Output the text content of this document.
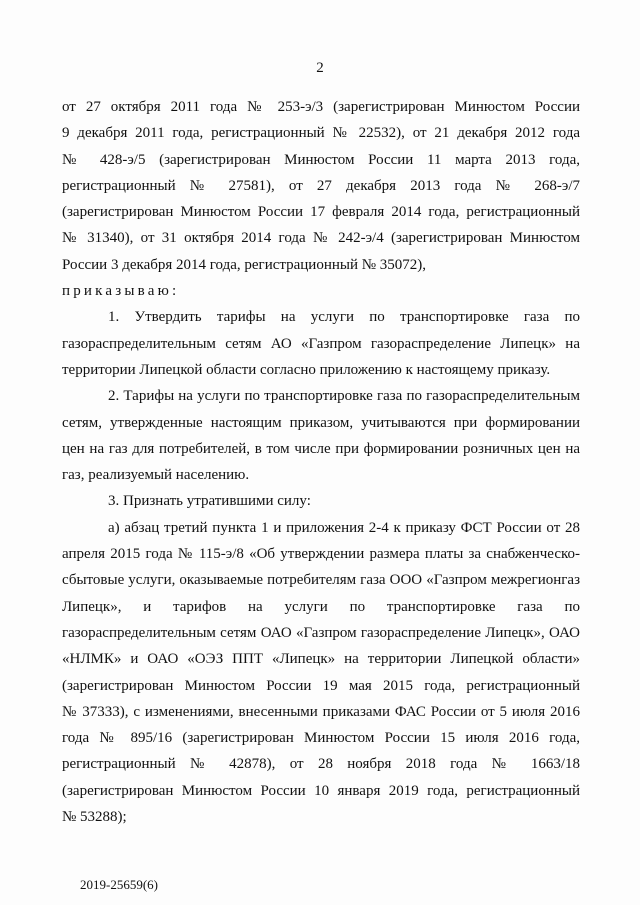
2
от 27 октября 2011 года № 253-э/3 (зарегистрирован Минюстом России
9 декабря 2011 года, регистрационный № 22532), от 21 декабря 2012 года
№ 428-э/5 (зарегистрирован Минюстом России 11 марта 2013 года,
регистрационный № 27581), от 27 декабря 2013 года № 268-э/7
(зарегистрирован Минюстом России 17 февраля 2014 года, регистрационный
№ 31340), от 31 октября 2014 года № 242-э/4 (зарегистрирован Минюстом
России 3 декабря 2014 года, регистрационный № 35072),
приказываю:
1. Утвердить тарифы на услуги по транспортировке газа по
газораспределительным сетям АО «Газпром газораспределение Липецк» на
территории Липецкой области согласно приложению к настоящему приказу.
2. Тарифы на услуги по транспортировке газа по газораспределительным
сетям, утвержденные настоящим приказом, учитываются при формировании
цен на газ для потребителей, в том числе при формировании розничных цен на
газ, реализуемый населению.
3. Признать утратившими силу:
а) абзац третий пункта 1 и приложения 2-4 к приказу ФСТ России от 28
апреля 2015 года № 115-э/8 «Об утверждении размера платы за снабженческо-
сбытовые услуги, оказываемые потребителям газа ООО «Газпром межрегионгаз
Липецк», и тарифов на услуги по транспортировке газа по
газораспределительным сетям ОАО «Газпром газораспределение Липецк», ОАО
«НЛМК» и ОАО «ОЭЗ ППТ «Липецк» на территории Липецкой области»
(зарегистрирован Минюстом России 19 мая 2015 года, регистрационный
№ 37333), с изменениями, внесенными приказами ФАС России от 5 июля 2016
года № 895/16 (зарегистрирован Минюстом России 15 июля 2016 года,
регистрационный № 42878), от 28 ноября 2018 года № 1663/18
(зарегистрирован Минюстом России 10 января 2019 года, регистрационный
№ 53288);
2019-25659(6)
